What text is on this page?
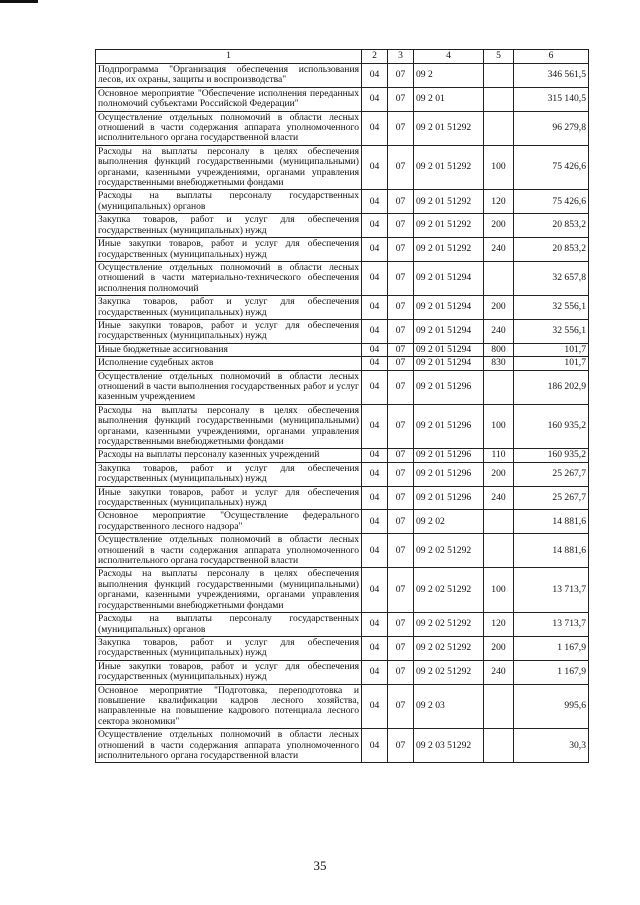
1	2	3	4	5	6
Подпрограмма "Организация обеспечения использования лесов, их охраны, защиты и воспроизводства"	04	07	09 2		346 561,5
Основное мероприятие "Обеспечение исполнения переданных полномочий субъектами Российской Федерации"	04	07	09 2 01		315 140,5
Осуществление отдельных полномочий в области лесных отношений в части содержания аппарата уполномоченного исполнительного органа государственной власти	04	07	09 2 01 51292		96 279,8
Расходы на выплаты персоналу в целях обеспечения выполнения функций государственными (муниципальными) органами, казенными учреждениями, органами управления государственными внебюджетными фондами	04	07	09 2 01 51292	100	75 426,6
Расходы на выплаты персоналу государственных (муниципальных) органов	04	07	09 2 01 51292	120	75 426,6
Закупка товаров, работ и услуг для обеспечения государственных (муниципальных) нужд	04	07	09 2 01 51292	200	20 853,2
Иные закупки товаров, работ и услуг для обеспечения государственных (муниципальных) нужд	04	07	09 2 01 51292	240	20 853,2
Осуществление отдельных полномочий в области лесных отношений в части материально-технического обеспечения исполнения полномочий	04	07	09 2 01 51294		32 657,8
Закупка товаров, работ и услуг для обеспечения государственных (муниципальных) нужд	04	07	09 2 01 51294	200	32 556,1
Иные закупки товаров, работ и услуг для обеспечения государственных (муниципальных) нужд	04	07	09 2 01 51294	240	32 556,1
Иные бюджетные ассигнования	04	07	09 2 01 51294	800	101,7
Исполнение судебных актов	04	07	09 2 01 51294	830	101,7
Осуществление отдельных полномочий в области лесных отношений в части выполнения государственных работ и услуг казенным учреждением	04	07	09 2 01 51296		186 202,9
Расходы на выплаты персоналу в целях обеспечения выполнения функций государственными (муниципальными) органами, казенными учреждениями, органами управления государственными внебюджетными фондами	04	07	09 2 01 51296	100	160 935,2
Расходы на выплаты персоналу казенных учреждений	04	07	09 2 01 51296	110	160 935,2
Закупка товаров, работ и услуг для обеспечения государственных (муниципальных) нужд	04	07	09 2 01 51296	200	25 267,7
Иные закупки товаров, работ и услуг для обеспечения государственных (муниципальных) нужд	04	07	09 2 01 51296	240	25 267,7
Основное мероприятие "Осуществление федерального государственного лесного надзора"	04	07	09 2 02		14 881,6
Осуществление отдельных полномочий в области лесных отношений в части содержания аппарата уполномоченного исполнительного органа государственной власти	04	07	09 2 02 51292		14 881,6
Расходы на выплаты персоналу в целях обеспечения выполнения функций государственными (муниципальными) органами, казенными учреждениями, органами управления государственными внебюджетными фондами	04	07	09 2 02 51292	100	13 713,7
Расходы на выплаты персоналу государственных (муниципальных) органов	04	07	09 2 02 51292	120	13 713,7
Закупка товаров, работ и услуг для обеспечения государственных (муниципальных) нужд	04	07	09 2 02 51292	200	1 167,9
Иные закупки товаров, работ и услуг для обеспечения государственных (муниципальных) нужд	04	07	09 2 02 51292	240	1 167,9
Основное мероприятие "Подготовка, переподготовка и повышение квалификации кадров лесного хозяйства, направленные на повышение кадрового потенциала лесного сектора экономики"	04	07	09 2 03		995,6
Осуществление отдельных полномочий в области лесных отношений в части содержания аппарата уполномоченного исполнительного органа государственной власти	04	07	09 2 03 51292		30,3
35
